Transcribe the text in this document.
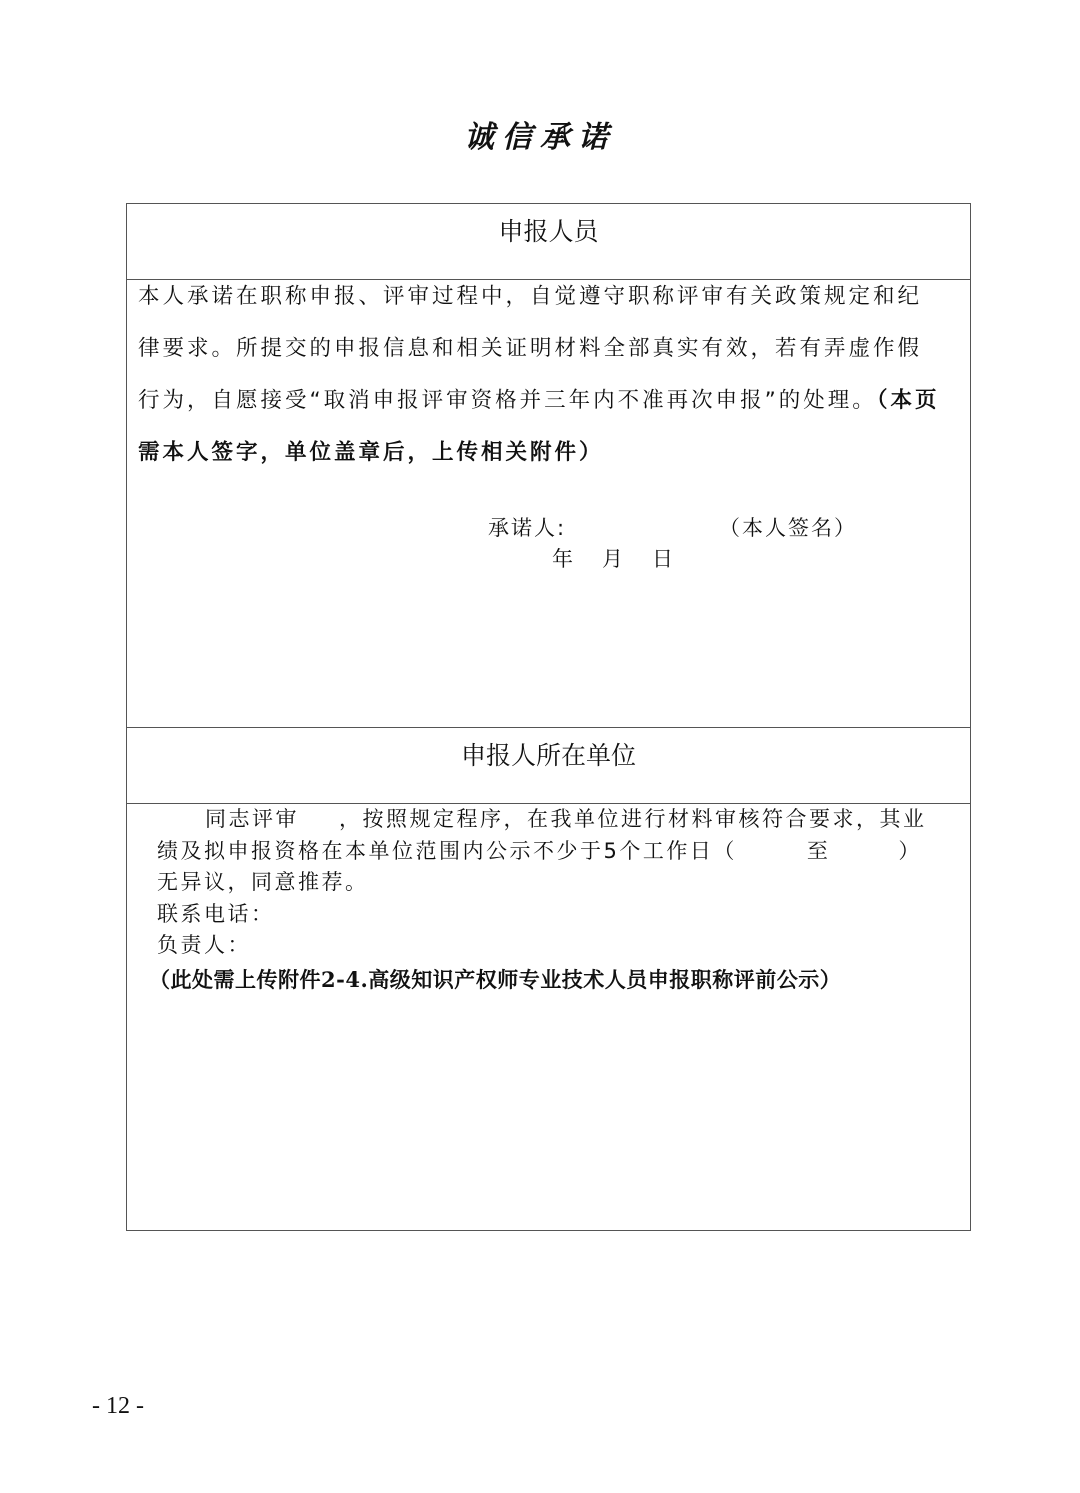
诚信承诺
申报人员
本人承诺在职称申报、评审过程中，自觉遵守职称评审有关政策规定和纪律要求。所提交的申报信息和相关证明材料全部真实有效，若有弄虚作假行为，自愿接受“取消申报评审资格并三年内不准再次申报”的处理。（本页需本人签字，单位盖章后，上传相关附件）
承诺人:	（本人签名）
年 月 日
申报人所在单位
同志评审 ，按照规定程序，在我单位进行材料审核符合要求，其业
绩及拟申报资格在本单位范围内公示不少于5个工作日（	至	）
无异议，同意推荐。
联系电话：
负责人：
（此处需上传附件2-4.高级知识产权师专业技术人员申报职称评前公示）
- 12 -
